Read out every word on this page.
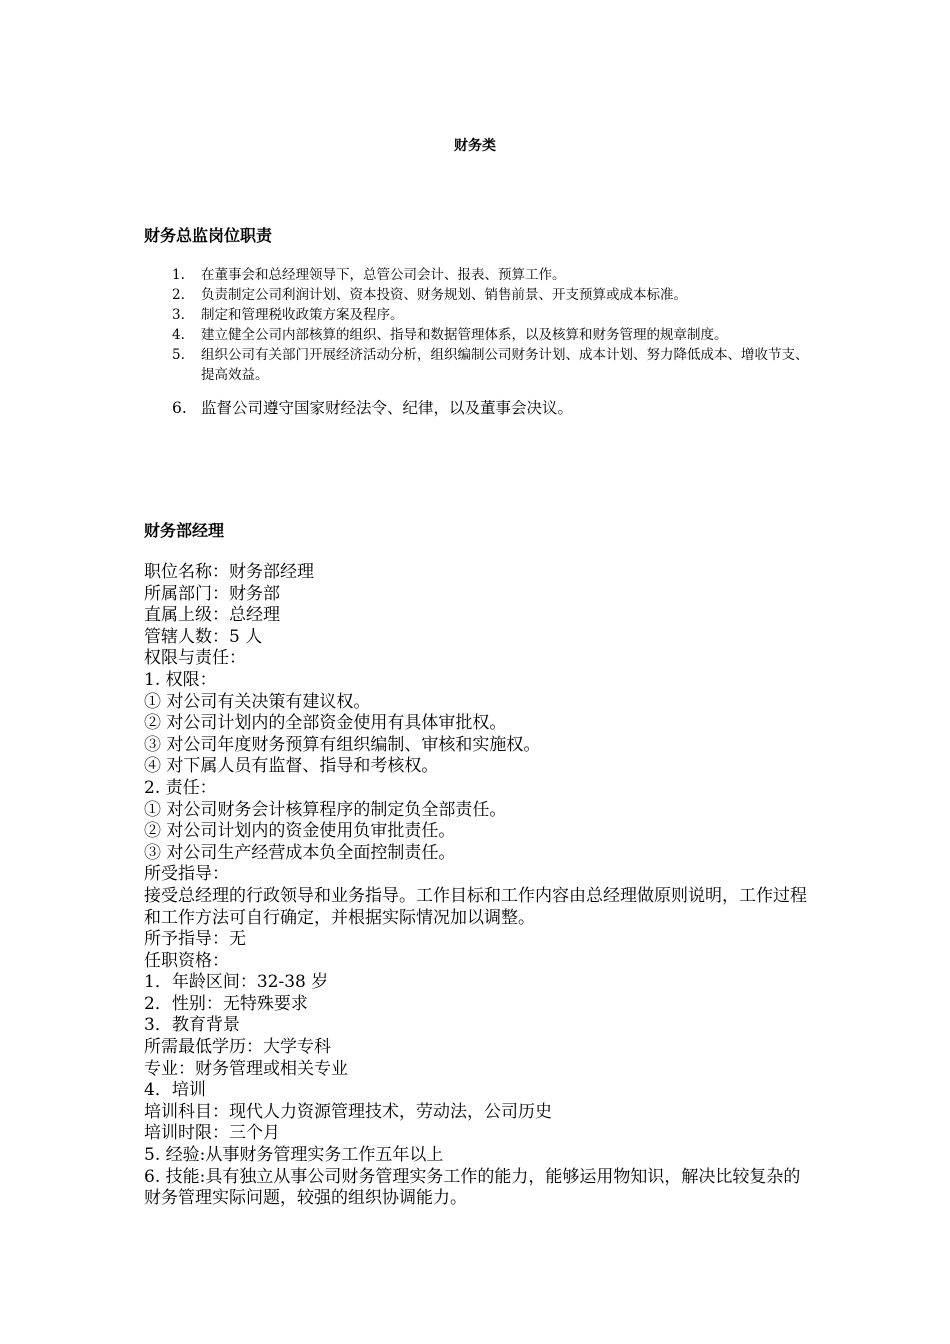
财务类
财务总监岗位职责
1. 在董事会和总经理领导下，总管公司会计、报表、预算工作。
2. 负责制定公司利润计划、资本投资、财务规划、销售前景、开支预算或成本标准。
3. 制定和管理税收政策方案及程序。
4. 建立健全公司内部核算的组织、指导和数据管理体系，以及核算和财务管理的规章制度。
5. 组织公司有关部门开展经济活动分析，组织编制公司财务计划、成本计划、努力降低成本、增收节支、提高效益。
6. 监督公司遵守国家财经法令、纪律，以及董事会决议。
财务部经理
职位名称：财务部经理
所属部门：财务部
直属上级：总经理
管辖人数：5 人
权限与责任：
1. 权限：
① 对公司有关决策有建议权。
② 对公司计划内的全部资金使用有具体审批权。
③ 对公司年度财务预算有组织编制、审核和实施权。
④ 对下属人员有监督、指导和考核权。
2. 责任：
① 对公司财务会计核算程序的制定负全部责任。
② 对公司计划内的资金使用负审批责任。
③ 对公司生产经营成本负全面控制责任。
所受指导：
接受总经理的行政领导和业务指导。工作目标和工作内容由总经理做原则说明，工作过程和工作方法可自行确定，并根据实际情况加以调整。
所予指导：无
任职资格：
1．年龄区间：32-38 岁
2．性别：无特殊要求
3．教育背景
所需最低学历：大学专科
专业：财务管理或相关专业
4．培训
培训科目：现代人力资源管理技术，劳动法，公司历史
培训时限：三个月
5. 经验:从事财务管理实务工作五年以上
6. 技能:具有独立从事公司财务管理实务工作的能力，能够运用物知识，解决比较复杂的财务管理实际问题，较强的组织协调能力。
